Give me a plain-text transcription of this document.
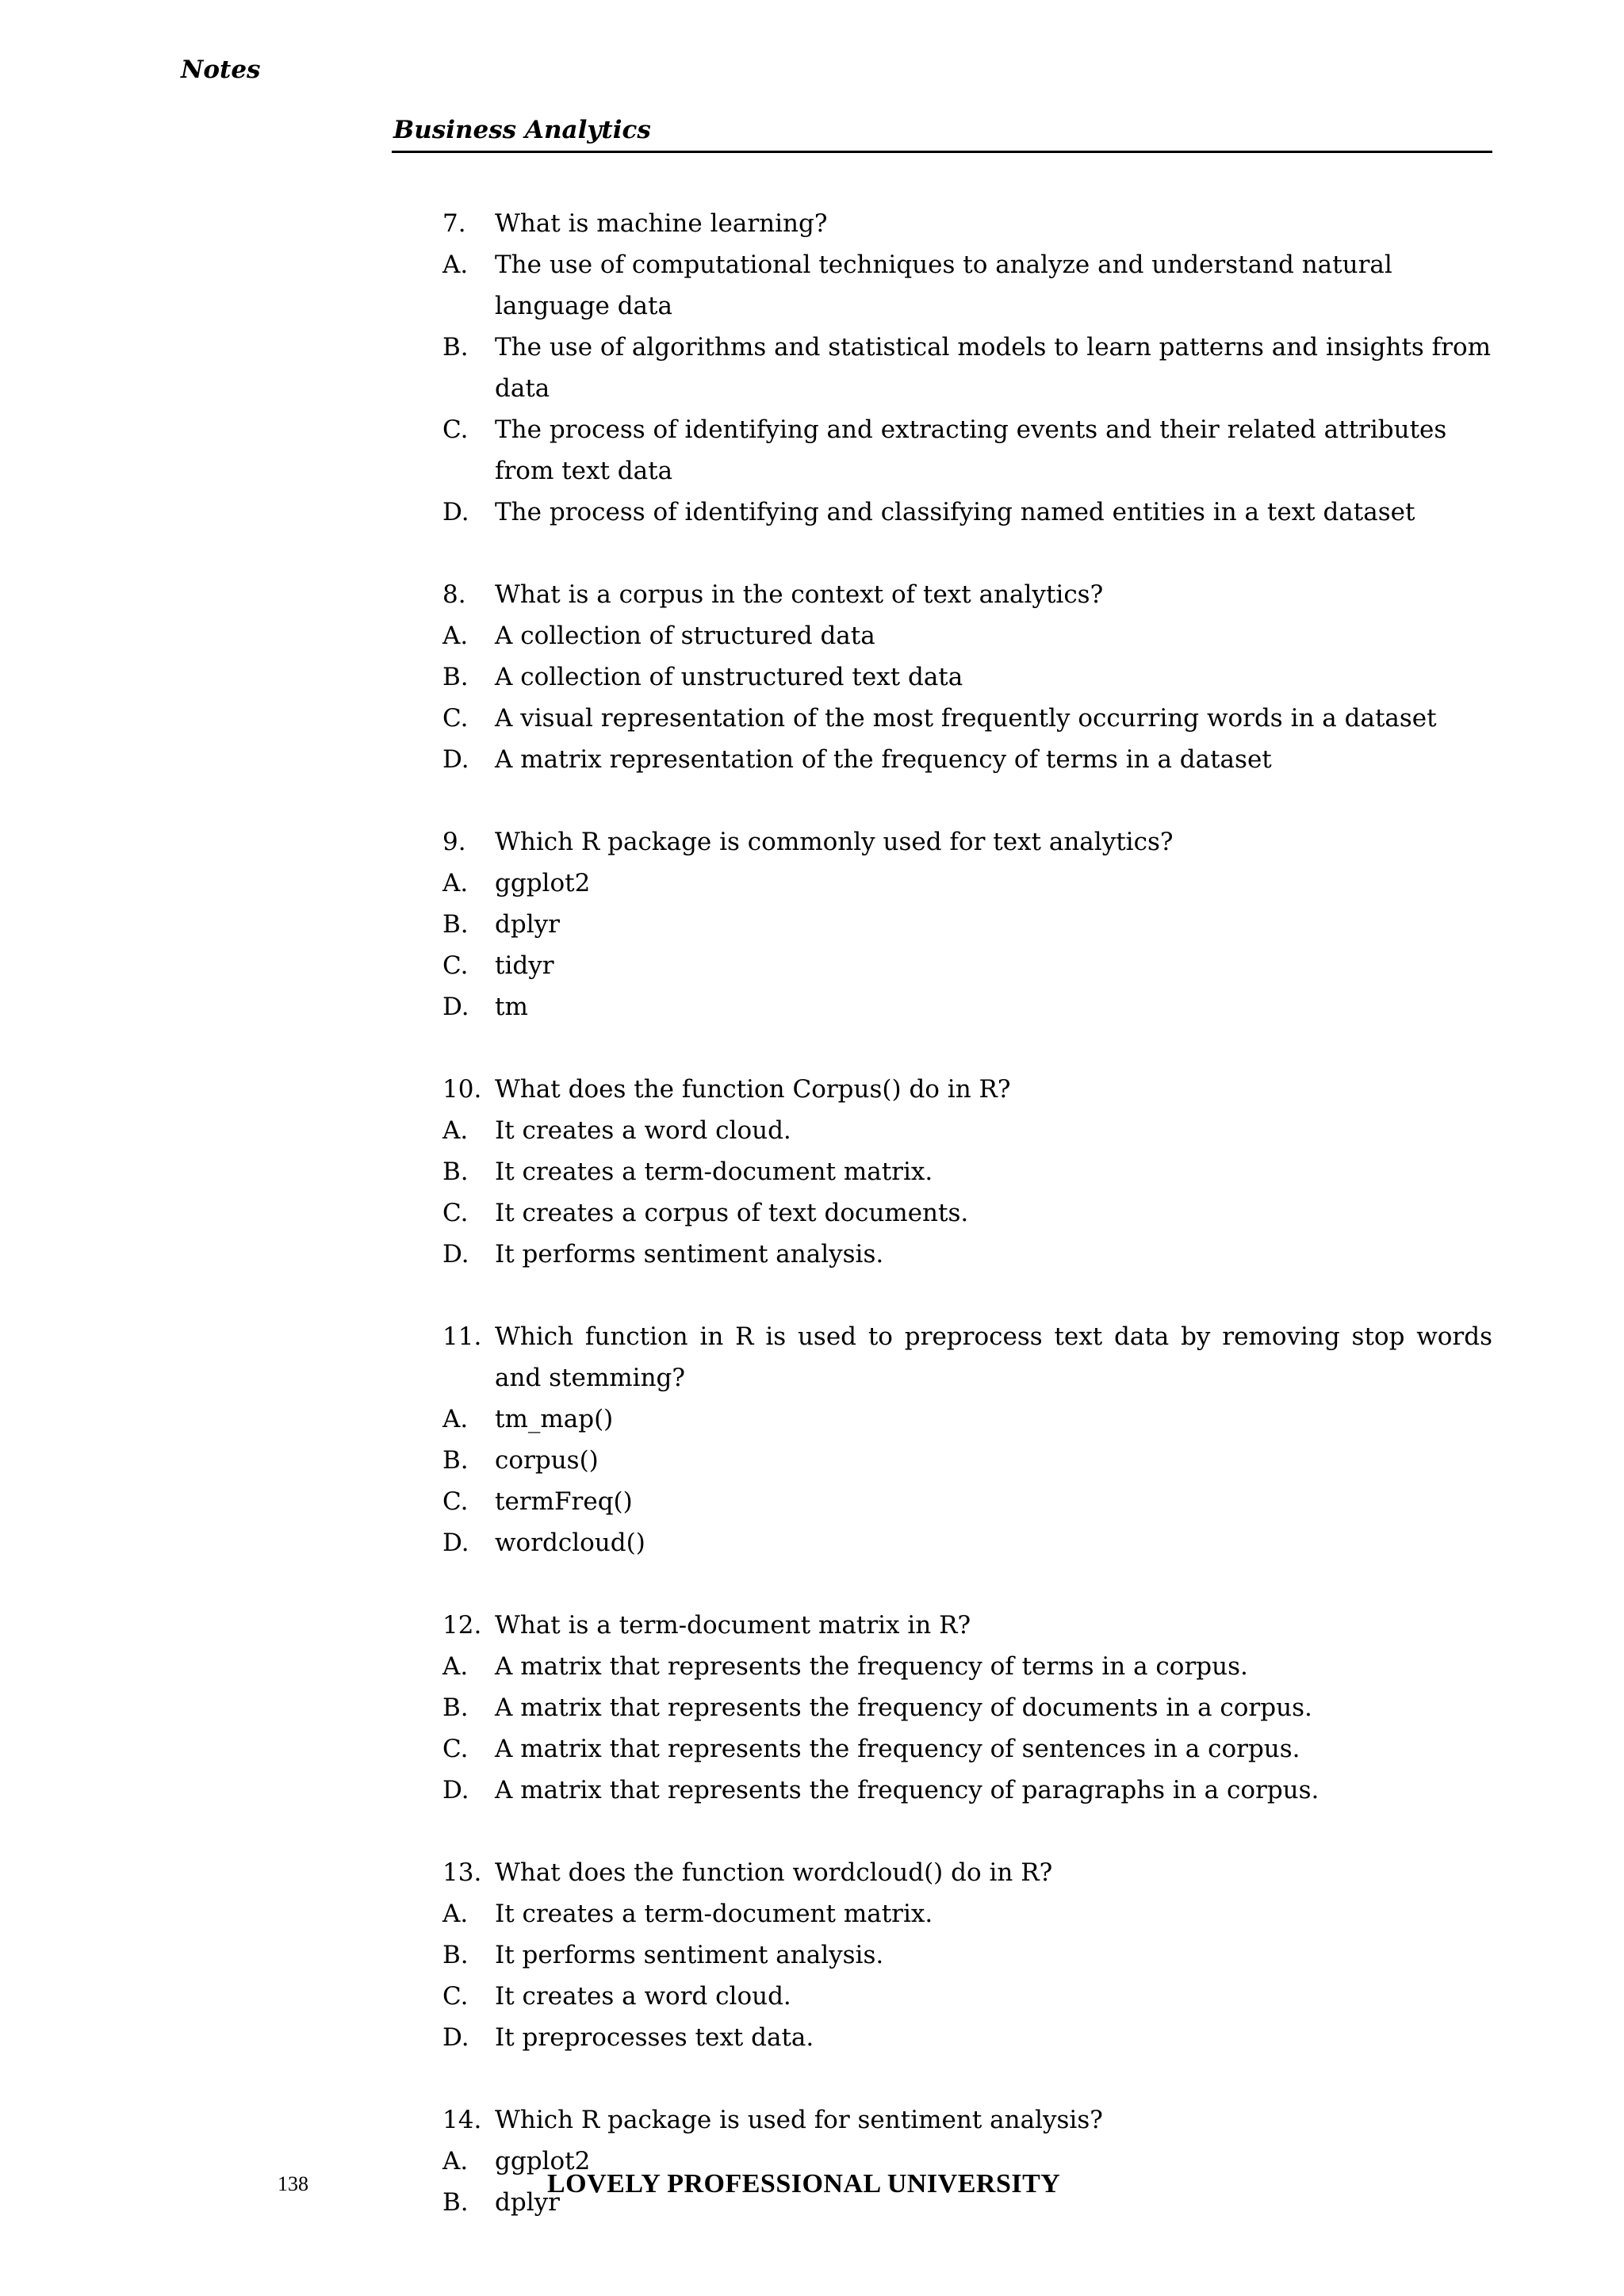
Notes
Business Analytics
7.	What is machine learning?
A.	The use of computational techniques to analyze and understand natural language data
B.	The use of algorithms and statistical models to learn patterns and insights from data
C.	The process of identifying and extracting events and their related attributes from text data
D.	The process of identifying and classifying named entities in a text dataset
8.	What is a corpus in the context of text analytics?
A.	A collection of structured data
B.	A collection of unstructured text data
C.	A visual representation of the most frequently occurring words in a dataset
D.	A matrix representation of the frequency of terms in a dataset
9.	Which R package is commonly used for text analytics?
A.	ggplot2
B.	dplyr
C.	tidyr
D.	tm
10. What does the function Corpus() do in R?
A.	It creates a word cloud.
B.	It creates a term-document matrix.
C.	It creates a corpus of text documents.
D.	It performs sentiment analysis.
11. Which function in R is used to preprocess text data by removing stop words and stemming?
A.	tm_map()
B.	corpus()
C.	termFreq()
D.	wordcloud()
12. What is a term-document matrix in R?
A.	A matrix that represents the frequency of terms in a corpus.
B.	A matrix that represents the frequency of documents in a corpus.
C.	A matrix that represents the frequency of sentences in a corpus.
D.	A matrix that represents the frequency of paragraphs in a corpus.
13. What does the function wordcloud() do in R?
A.	It creates a term-document matrix.
B.	It performs sentiment analysis.
C.	It creates a word cloud.
D.	It preprocesses text data.
14. Which R package is used for sentiment analysis?
A.	ggplot2
B.	dplyr
138	LOVELY PROFESSIONAL UNIVERSITY
